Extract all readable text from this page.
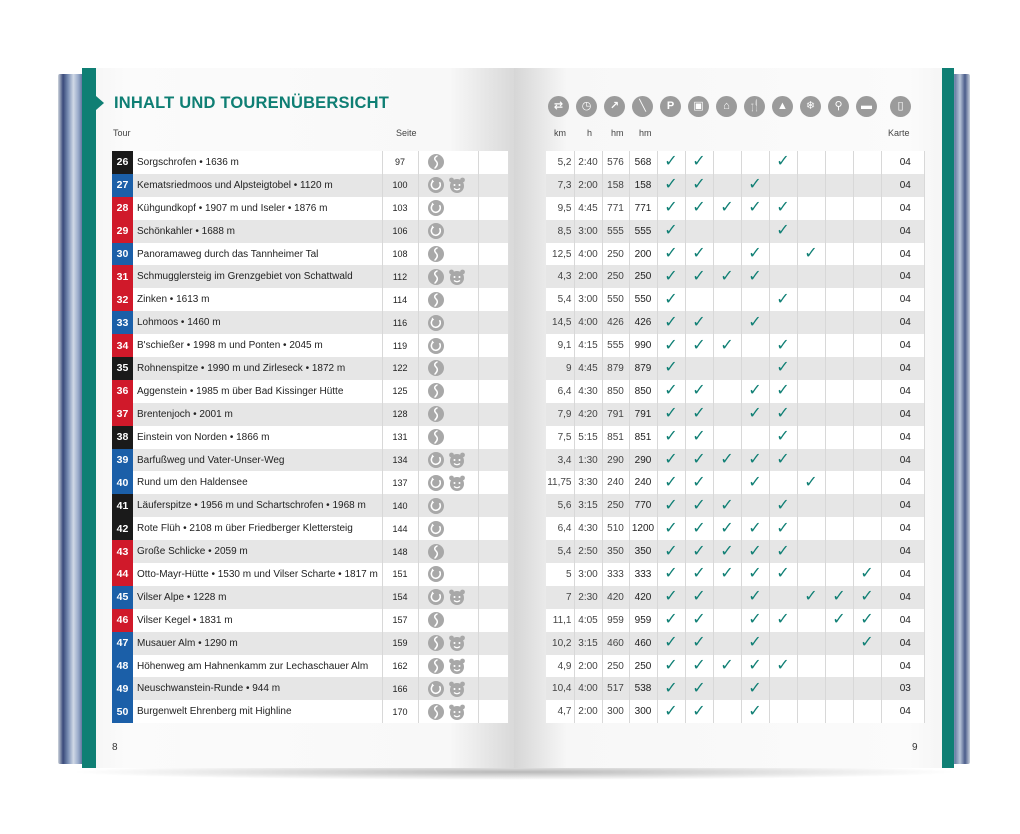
INHALT UND TOURENÜBERSICHT
Tour	Seite
26	Sorgschrofen • 1636 m	97		
27	Kematsriedmoos und Alpsteigtobel • 1120 m	100		
28	Kühgundkopf • 1907 m und Iseler • 1876 m	103		
29	Schönkahler • 1688 m	106		
30	Panoramaweg durch das Tannheimer Tal	108		
31	Schmugglersteig im Grenzgebiet von Schattwald	112		
32	Zinken • 1613 m	114		
33	Lohmoos • 1460 m	116		
34	B'schießer • 1998 m und Ponten • 2045 m	119		
35	Rohnenspitze • 1990 m und Zirleseck • 1872 m	122		
36	Aggenstein • 1985 m über Bad Kissinger Hütte	125		
37	Brentenjoch • 2001 m	128		
38	Einstein von Norden • 1866 m	131		
39	Barfußweg und Vater-Unser-Weg	134		
40	Rund um den Haldensee	137		
41	Läuferspitze • 1956 m und Schartschrofen • 1968 m	140		
42	Rote Flüh • 2108 m über Friedberger Klettersteig	144		
43	Große Schlicke • 2059 m	148		
44	Otto-Mayr-Hütte • 1530 m und Vilser Scharte • 1817 m	151		
45	Vilser Alpe • 1228 m	154		
46	Vilser Kegel • 1831 m	157		
47	Musauer Alm • 1290 m	159		
48	Höhenweg am Hahnenkamm zur Lechaschauer Alm	162		
49	Neuschwanstein-Runde • 944 m	166		
50	Burgenwelt Ehrenberg mit Highline	170		
8
⇄	◷	↗	╲	P	▣	⌂	🍴	▲	❄	⚲	▬	▯
km h hm hm	Karte
5,2	2:40	576	568	✓	✓			✓					04
7,3	2:00	158	158	✓	✓		✓						04
9,5	4:45	771	771	✓	✓	✓	✓	✓					04
8,5	3:00	555	555	✓				✓					04
12,5	4:00	250	200	✓	✓		✓		✓				04
4,3	2:00	250	250	✓	✓	✓	✓						04
5,4	3:00	550	550	✓				✓					04
14,5	4:00	426	426	✓	✓		✓						04
9,1	4:15	555	990	✓	✓	✓		✓					04
9	4:45	879	879	✓				✓					04
6,4	4:30	850	850	✓	✓		✓	✓					04
7,9	4:20	791	791	✓	✓		✓	✓					04
7,5	5:15	851	851	✓	✓			✓					04
3,4	1:30	290	290	✓	✓	✓	✓	✓					04
11,75	3:30	240	240	✓	✓		✓		✓				04
5,6	3:15	250	770	✓	✓	✓		✓					04
6,4	4:30	510	1200	✓	✓	✓	✓	✓					04
5,4	2:50	350	350	✓	✓	✓	✓	✓					04
5	3:00	333	333	✓	✓	✓	✓	✓			✓		04
7	2:30	420	420	✓	✓		✓		✓	✓	✓		04
11,1	4:05	959	959	✓	✓		✓	✓		✓	✓		04
10,2	3:15	460	460	✓	✓		✓				✓		04
4,9	2:00	250	250	✓	✓	✓	✓	✓					04
10,4	4:00	517	538	✓	✓		✓						03
4,7	2:00	300	300	✓	✓		✓						04
9
